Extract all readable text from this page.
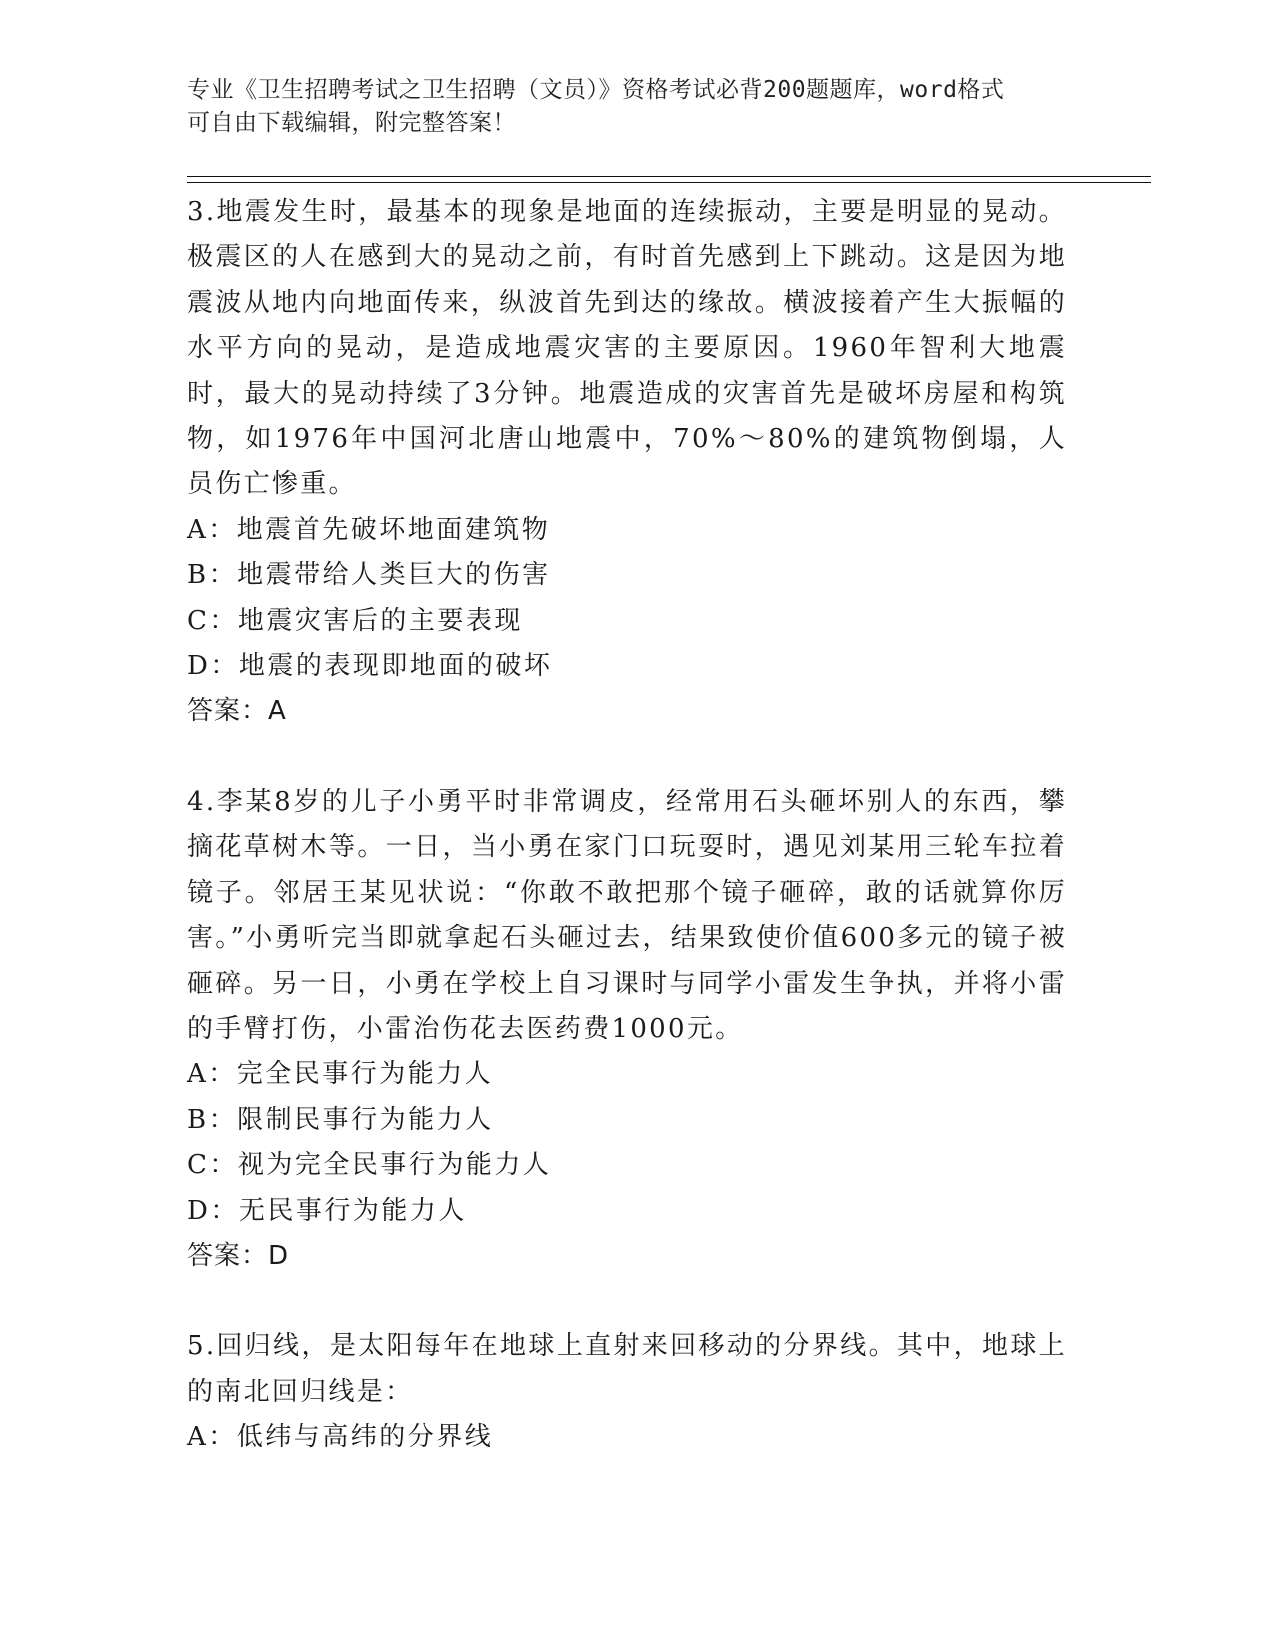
专业《卫生招聘考试之卫生招聘（文员）》资格考试必背200题题库，word格式
可自由下载编辑，附完整答案！

3.地震发生时，最基本的现象是地面的连续振动，主要是明显的晃动。极震区的人在感到大的晃动之前，有时首先感到上下跳动。这是因为地震波从地内向地面传来，纵波首先到达的缘故。横波接着产生大振幅的水平方向的晃动，是造成地震灾害的主要原因。1960年智利大地震时，最大的晃动持续了3分钟。地震造成的灾害首先是破坏房屋和构筑物，如1976年中国河北唐山地震中，70%～80%的建筑物倒塌，人员伤亡惨重。

A：地震首先破坏地面建筑物

B：地震带给人类巨大的伤害

C：地震灾害后的主要表现

D：地震的表现即地面的破坏

答案：A

4.李某8岁的儿子小勇平时非常调皮，经常用石头砸坏别人的东西，攀摘花草树木等。一日，当小勇在家门口玩耍时，遇见刘某用三轮车拉着镜子。邻居王某见状说：“你敢不敢把那个镜子砸碎，敢的话就算你厉害。”小勇听完当即就拿起石头砸过去，结果致使价值600多元的镜子被砸碎。另一日，小勇在学校上自习课时与同学小雷发生争执，并将小雷的手臂打伤，小雷治伤花去医药费1000元。

A：完全民事行为能力人

B：限制民事行为能力人

C：视为完全民事行为能力人

D：无民事行为能力人

答案：D

5.回归线，是太阳每年在地球上直射来回移动的分界线。其中，地球上的南北回归线是：

A：低纬与高纬的分界线
